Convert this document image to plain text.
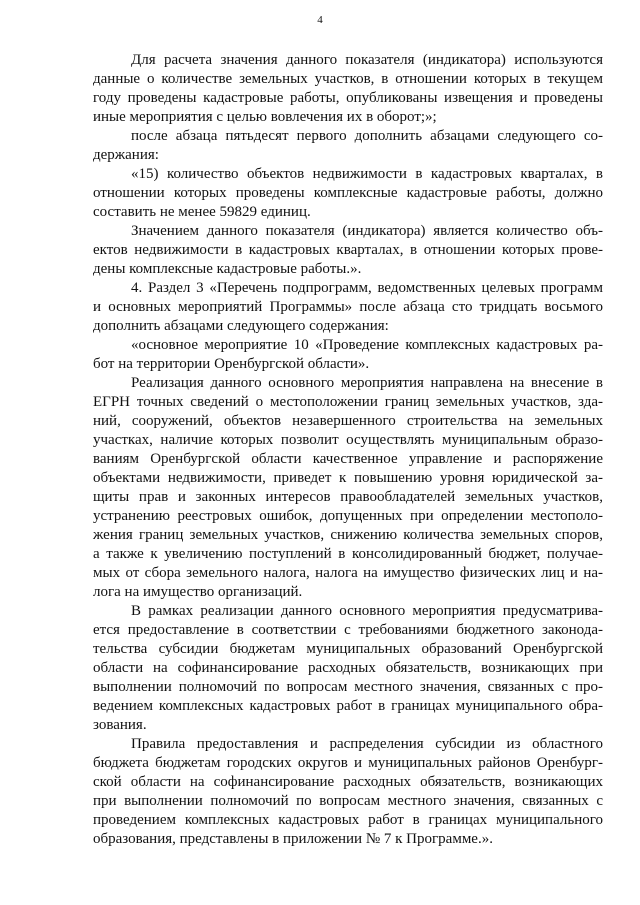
4
Для расчета значения данного показателя (индикатора) используются
данные о количестве земельных участков, в отношении которых в текущем
году проведены кадастровые работы, опубликованы извещения и проведены
иные мероприятия с целью вовлечения их в оборот;»;
после абзаца пятьдесят первого дополнить абзацами следующего со-
держания:
«15) количество объектов недвижимости в кадастровых кварталах, в
отношении которых проведены комплексные кадастровые работы, должно
составить не менее 59829 единиц.
Значением данного показателя (индикатора) является количество объ-
ектов недвижимости в кадастровых кварталах, в отношении которых прове-
дены комплексные кадастровые работы.».
4. Раздел 3 «Перечень подпрограмм, ведомственных целевых программ
и основных мероприятий Программы» после абзаца сто тридцать восьмого
дополнить абзацами следующего содержания:
«основное мероприятие 10 «Проведение комплексных кадастровых ра-
бот на территории Оренбургской области».
Реализация данного основного мероприятия направлена на внесение в
ЕГРН точных сведений о местоположении границ земельных участков, зда-
ний, сооружений, объектов незавершенного строительства на земельных
участках, наличие которых позволит осуществлять муниципальным образо-
ваниям Оренбургской области качественное управление и распоряжение
объектами недвижимости, приведет к повышению уровня юридической за-
щиты прав и законных интересов правообладателей земельных участков,
устранению реестровых ошибок, допущенных при определении местополо-
жения границ земельных участков, снижению количества земельных споров,
а также к увеличению поступлений в консолидированный бюджет, получае-
мых от сбора земельного налога, налога на имущество физических лиц и на-
лога на имущество организаций.
В рамках реализации данного основного мероприятия предусматрива-
ется предоставление в соответствии с требованиями бюджетного законода-
тельства субсидии бюджетам муниципальных образований Оренбургской
области на софинансирование расходных обязательств, возникающих при
выполнении полномочий по вопросам местного значения, связанных с про-
ведением комплексных кадастровых работ в границах муниципального обра-
зования.
Правила предоставления и распределения субсидии из областного
бюджета бюджетам городских округов и муниципальных районов Оренбург-
ской области на софинансирование расходных обязательств, возникающих
при выполнении полномочий по вопросам местного значения, связанных с
проведением комплексных кадастровых работ в границах муниципального
образования, представлены в приложении № 7 к Программе.».
